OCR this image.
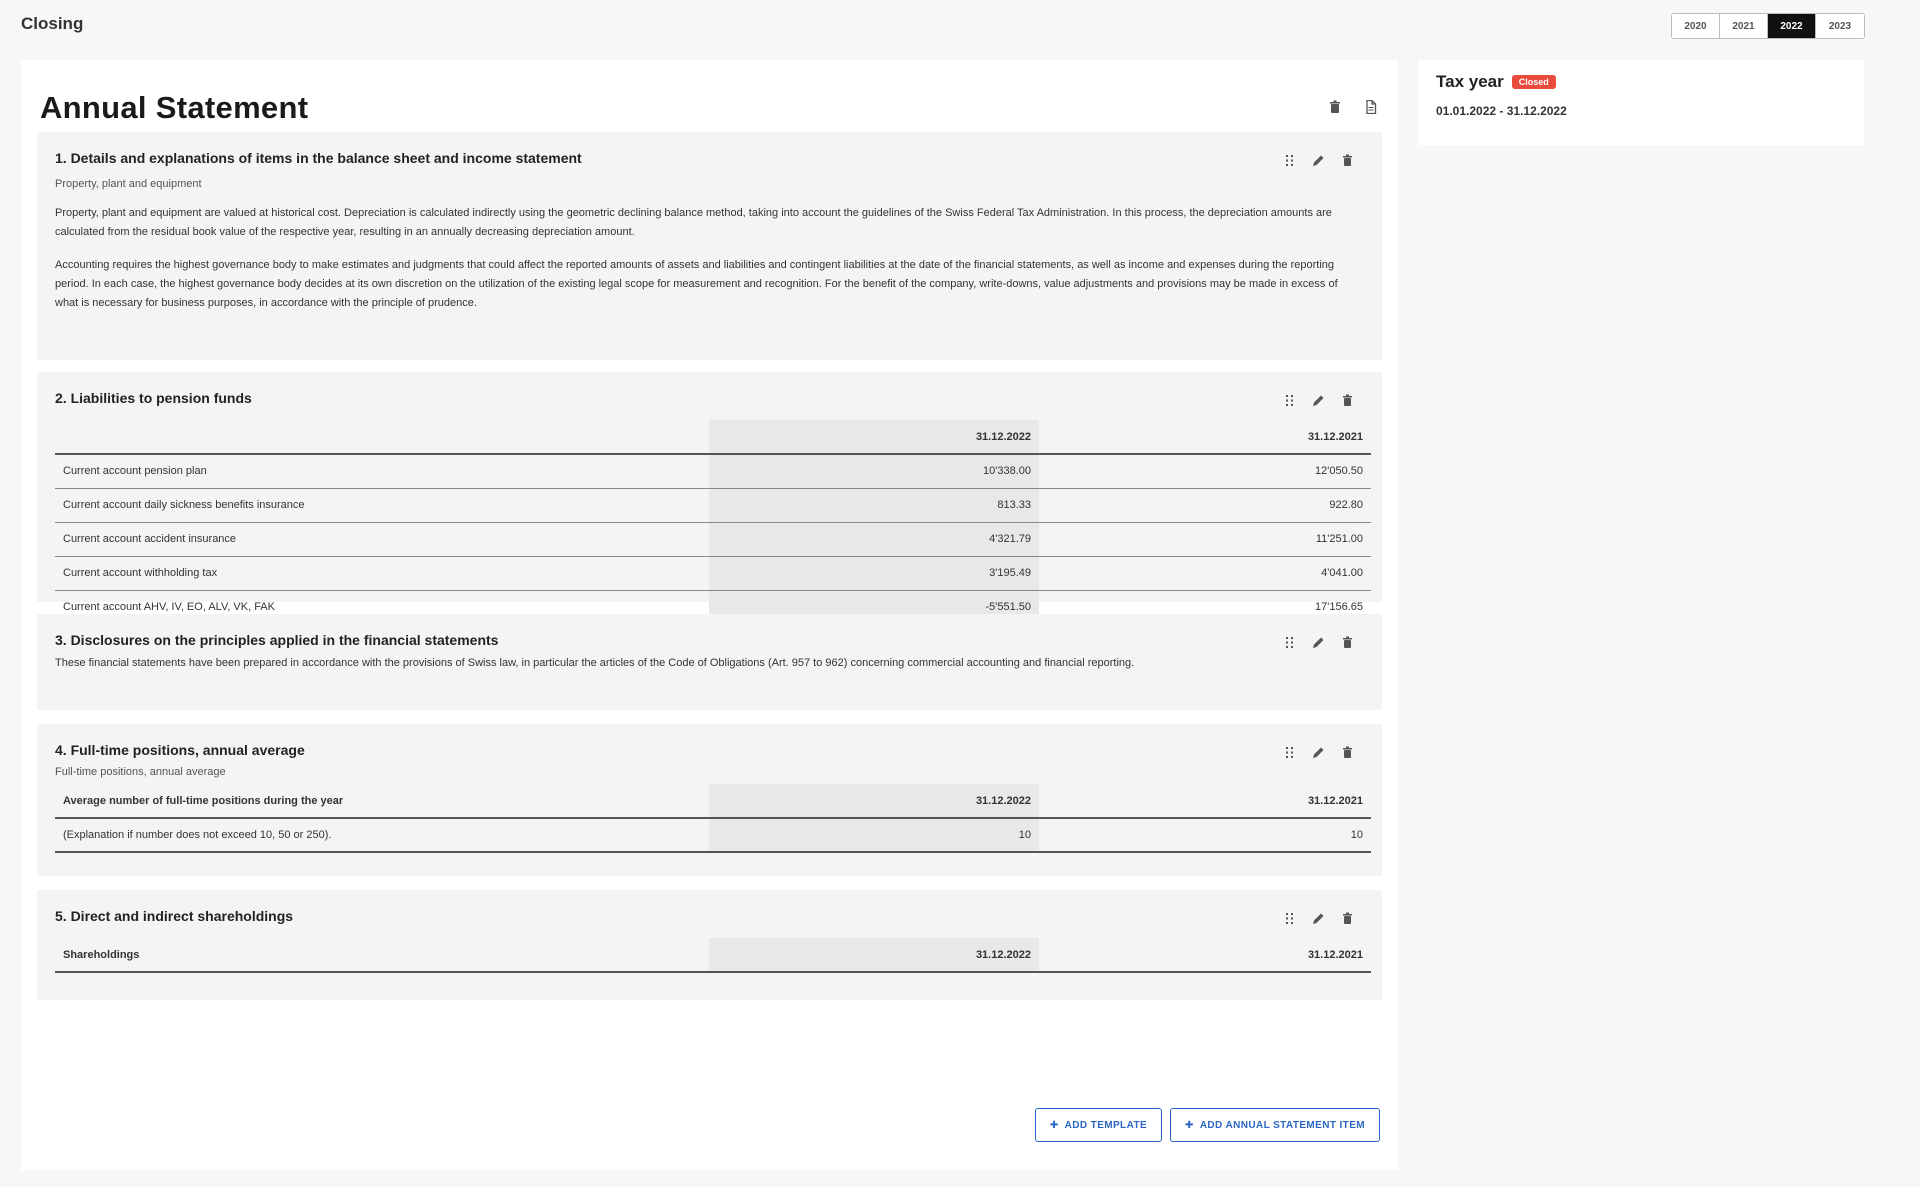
Closing	2020	2021	2022	2023
Annual Statement
1. Details and explanations of items in the balance sheet and income statement
Property, plant and equipment
Property, plant and equipment are valued at historical cost. Depreciation is calculated indirectly using the geometric declining balance method, taking into account the guidelines of the Swiss Federal Tax Administration. In this process, the depreciation amounts are calculated from the residual book value of the respective year, resulting in an annually decreasing depreciation amount.
Accounting requires the highest governance body to make estimates and judgments that could affect the reported amounts of assets and liabilities and contingent liabilities at the date of the financial statements, as well as income and expenses during the reporting period. In each case, the highest governance body decides at its own discretion on the utilization of the existing legal scope for measurement and recognition. For the benefit of the company, write-downs, value adjustments and provisions may be made in excess of what is necessary for business purposes, in accordance with the principle of prudence.
2. Liabilities to pension funds
	31.12.2022	31.12.2021
Current account pension plan	10'338.00	12'050.50
Current account daily sickness benefits insurance	813.33	922.80
Current account accident insurance	4'321.79	11'251.00
Current account withholding tax	3'195.49	4'041.00
Current account AHV, IV, EO, ALV, VK, FAK	-5'551.50	17'156.65
3. Disclosures on the principles applied in the financial statements
These financial statements have been prepared in accordance with the provisions of Swiss law, in particular the articles of the Code of Obligations (Art. 957 to 962) concerning commercial accounting and financial reporting.
4. Full-time positions, annual average
Full-time positions, annual average
Average number of full-time positions during the year	31.12.2022	31.12.2021
(Explanation if number does not exceed 10, 50 or 250).	10	10
5. Direct and indirect shareholdings
Shareholdings	31.12.2022	31.12.2021
✚ ADD TEMPLATE	✚ ADD ANNUAL STATEMENT ITEM
Tax year	Closed
01.01.2022 - 31.12.2022
